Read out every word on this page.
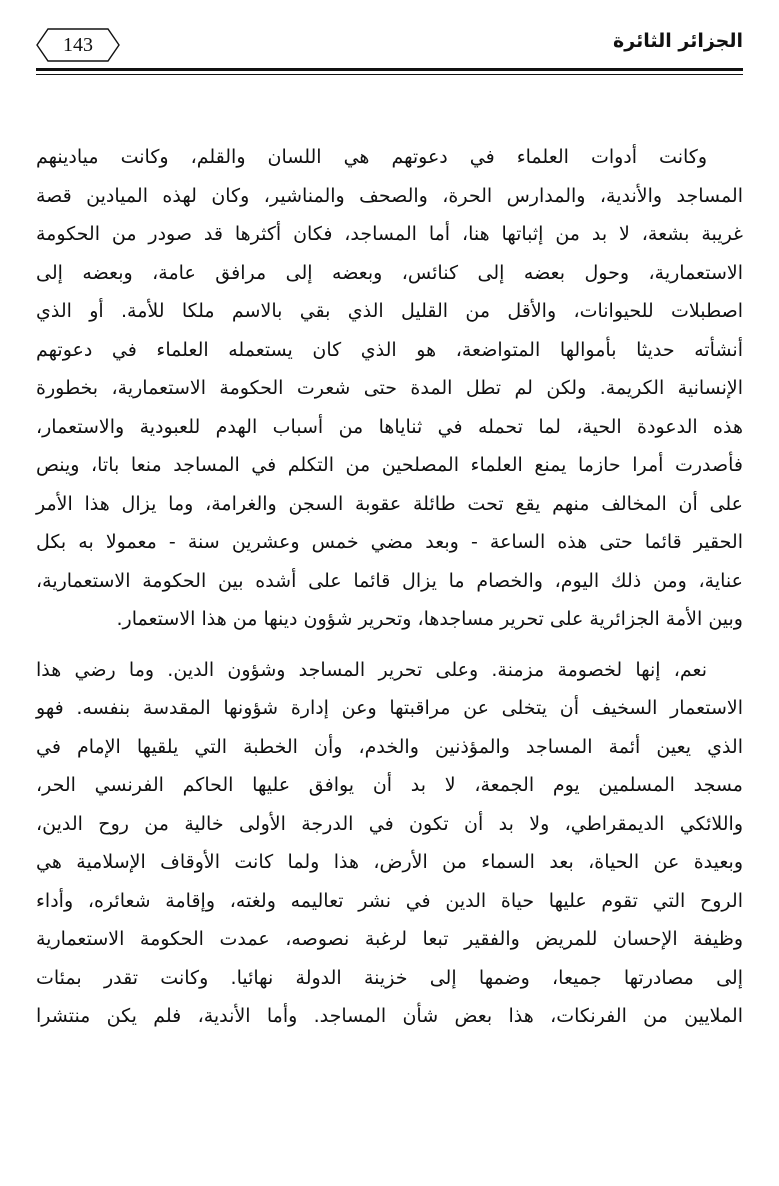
143	الجزائر الثائرة

وكانت أدوات العلماء في دعوتهم هي اللسان والقلم، وكانت ميادينهم
المساجد والأندية، والمدارس الحرة، والصحف والمناشير، وكان لهذه الميادين قصة
غريبة بشعة، لا بد من إثباتها هنا، أما المساجد، فكان أكثرها قد صودر من الحكومة
الاستعمارية، وحول بعضه إلى كنائس، وبعضه إلى مرافق عامة، وبعضه إلى
اصطبلات للحيوانات، والأقل من القليل الذي بقي بالاسم ملكا للأمة. أو الذي
أنشأته حديثا بأموالها المتواضعة، هو الذي كان يستعمله العلماء في دعوتهم
الإنسانية الكريمة. ولكن لم تطل المدة حتى شعرت الحكومة الاستعمارية، بخطورة
هذه الدعودة الحية، لما تحمله في ثناياها من أسباب الهدم للعبودية والاستعمار،
فأصدرت أمرا حازما يمنع العلماء المصلحين من التكلم في المساجد منعا باتا، وينص
على أن المخالف منهم يقع تحت طائلة عقوبة السجن والغرامة، وما يزال هذا الأمر
الحقير قائما حتى هذه الساعة - وبعد مضي خمس وعشرين سنة - معمولا به بكل
عناية، ومن ذلك اليوم، والخصام ما يزال قائما على أشده بين الحكومة الاستعمارية،
وبين الأمة الجزائرية على تحرير مساجدها، وتحرير شؤون دينها من هذا الاستعمار.

نعم، إنها لخصومة مزمنة. وعلى تحرير المساجد وشؤون الدين. وما رضي هذا
الاستعمار السخيف أن يتخلى عن مراقبتها وعن إدارة شؤونها المقدسة بنفسه. فهو
الذي يعين أئمة المساجد والمؤذنين والخدم، وأن الخطبة التي يلقيها الإمام في
مسجد المسلمين يوم الجمعة، لا بد أن يوافق عليها الحاكم الفرنسي الحر،
واللائكي الديمقراطي، ولا بد أن تكون في الدرجة الأولى خالية من روح الدين،
وبعيدة عن الحياة، بعد السماء من الأرض، هذا ولما كانت الأوقاف الإسلامية هي
الروح التي تقوم عليها حياة الدين في نشر تعاليمه ولغته، وإقامة شعائره، وأداء
وظيفة الإحسان للمريض والفقير تبعا لرغبة نصوصه، عمدت الحكومة الاستعمارية
إلى مصادرتها جميعا، وضمها إلى خزينة الدولة نهائيا. وكانت تقدر بمئات
الملايين من الفرنكات، هذا بعض شأن المساجد. وأما الأندية، فلم يكن منتشرا
